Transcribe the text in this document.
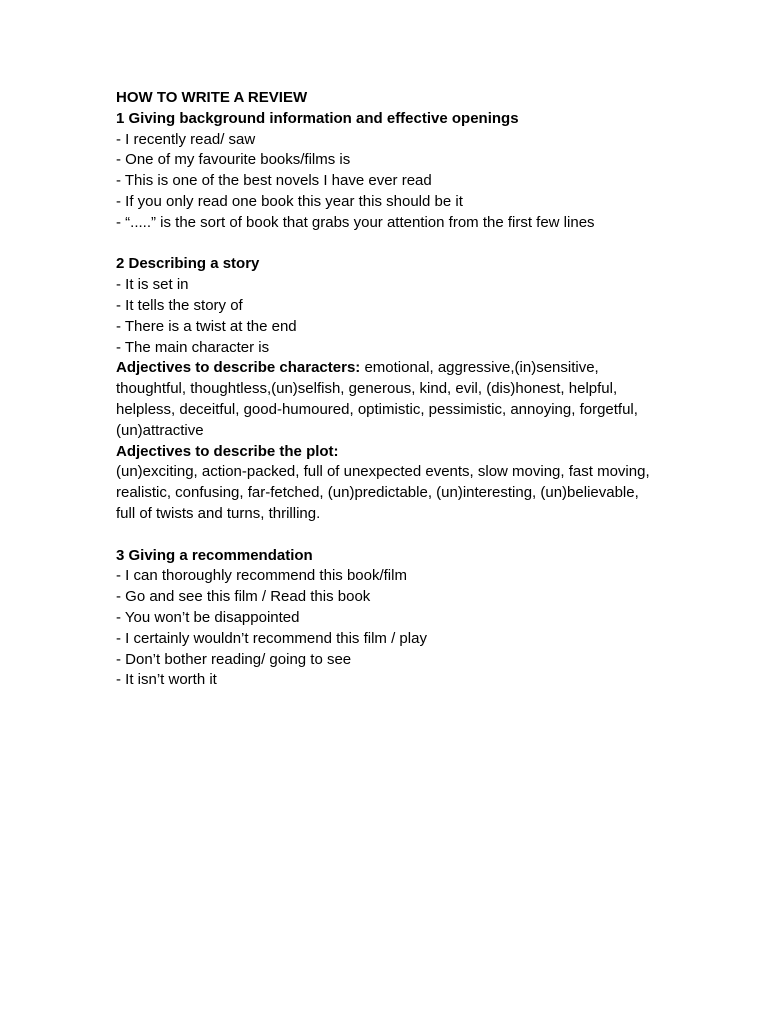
HOW TO WRITE A REVIEW
1 Giving background information and effective openings
- I recently read/ saw
- One of my favourite books/films is
- This is one of the best novels I have ever read
- If you only read one book this year this should be it
- “.....” is the sort of book that grabs your attention from the first few lines
2 Describing a story
- It is set in
- It tells the story of
- There is a twist at the end
- The main character is

Adjectives to describe characters: emotional, aggressive,(in)sensitive, thoughtful, thoughtless,(un)selfish, generous, kind, evil, (dis)honest, helpful, helpless, deceitful, good-humoured, optimistic, pessimistic, annoying, forgetful, (un)attractive

Adjectives to describe the plot:

(un)exciting, action-packed, full of unexpected events, slow moving, fast moving, realistic, confusing, far-fetched, (un)predictable, (un)interesting, (un)believable, full of twists and turns, thrilling.

3 Giving a recommendation
- I can thoroughly recommend this book/film
- Go and see this film / Read this book
- You won’t be disappointed
- I certainly wouldn’t recommend this film / play
- Don’t bother reading/ going to see
- It isn’t worth it
